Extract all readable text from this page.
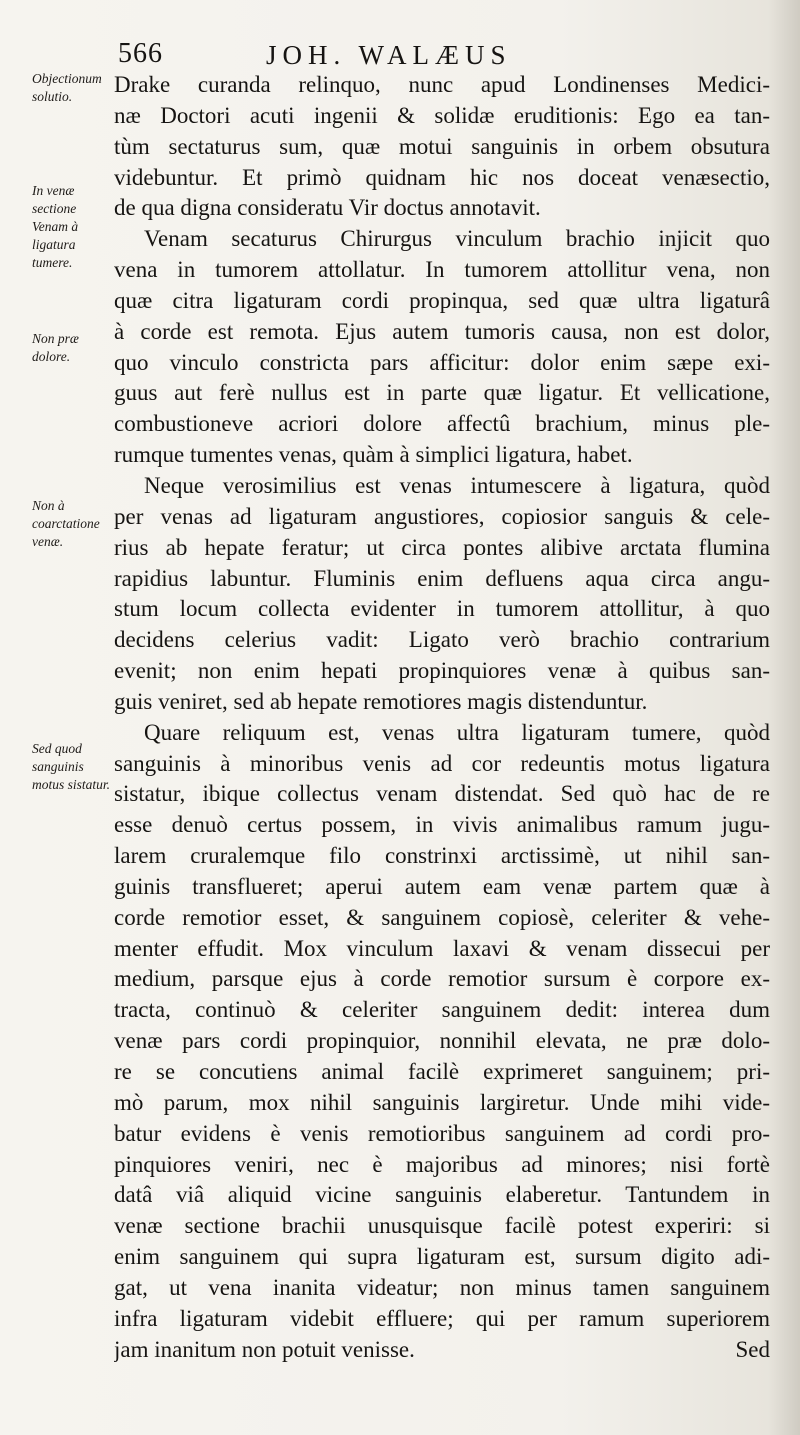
566	JOH. WALÆUS
Objectionum solutio.
In venæ sectione Venam à ligatura tumere.
Non præ dolore.
Non à coarctatione venæ.
Sed quod sanguinis motus sistatur.
Drake curanda relinquo, nunc apud Londinenses Medici-
næ Doctori acuti ingenii & solidæ eruditionis: Ego ea tan-
tùm sectaturus sum, quæ motui sanguinis in orbem obsutura
videbuntur. Et primò quidnam hic nos doceat venæsectio,
de qua digna consideratu Vir doctus annotavit.
Venam secaturus Chirurgus vinculum brachio injicit quo
vena in tumorem attollatur. In tumorem attollitur vena, non
quæ citra ligaturam cordi propinqua, sed quæ ultra ligaturâ
à corde est remota. Ejus autem tumoris causa, non est dolor,
quo vinculo constricta pars afficitur: dolor enim sæpe exi-
guus aut ferè nullus est in parte quæ ligatur. Et vellicatione,
combustioneve acriori dolore affectû brachium, minus ple-
rumque tumentes venas, quàm à simplici ligatura, habet.
Neque verosimilius est venas intumescere à ligatura, quòd
per venas ad ligaturam angustiores, copiosior sanguis & cele-
rius ab hepate feratur; ut circa pontes alibive arctata flumina
rapidius labuntur. Fluminis enim defluens aqua circa angu-
stum locum collecta evidenter in tumorem attollitur, à quo
decidens celerius vadit: Ligato verò brachio contrarium
evenit; non enim hepati propinquiores venæ à quibus san-
guis veniret, sed ab hepate remotiores magis distenduntur.
Quare reliquum est, venas ultra ligaturam tumere, quòd
sanguinis à minoribus venis ad cor redeuntis motus ligatura
sistatur, ibique collectus venam distendat. Sed quò hac de re
esse denuò certus possem, in vivis animalibus ramum jugu-
larem cruralemque filo constrinxi arctissimè, ut nihil san-
guinis transflueret; aperui autem eam venæ partem quæ à
corde remotior esset, & sanguinem copiosè, celeriter & vehe-
menter effudit. Mox vinculum laxavi & venam dissecui per
medium, parsque ejus à corde remotior sursum è corpore ex-
tracta, continuò & celeriter sanguinem dedit: interea dum
venæ pars cordi propinquior, nonnihil elevata, ne præ dolo-
re se concutiens animal facilè exprimeret sanguinem; pri-
mò parum, mox nihil sanguinis largiretur. Unde mihi vide-
batur evidens è venis remotioribus sanguinem ad cordi pro-
pinquiores veniri, nec è majoribus ad minores; nisi fortè
datâ viâ aliquid vicine sanguinis elaberetur. Tantundem in
venæ sectione brachii unusquisque facilè potest experiri: si
enim sanguinem qui supra ligaturam est, sursum digito adi-
gat, ut vena inanita videatur; non minus tamen sanguinem
infra ligaturam videbit effluere; qui per ramum superiorem
jam inanitum non potuit venisse.	Sed
